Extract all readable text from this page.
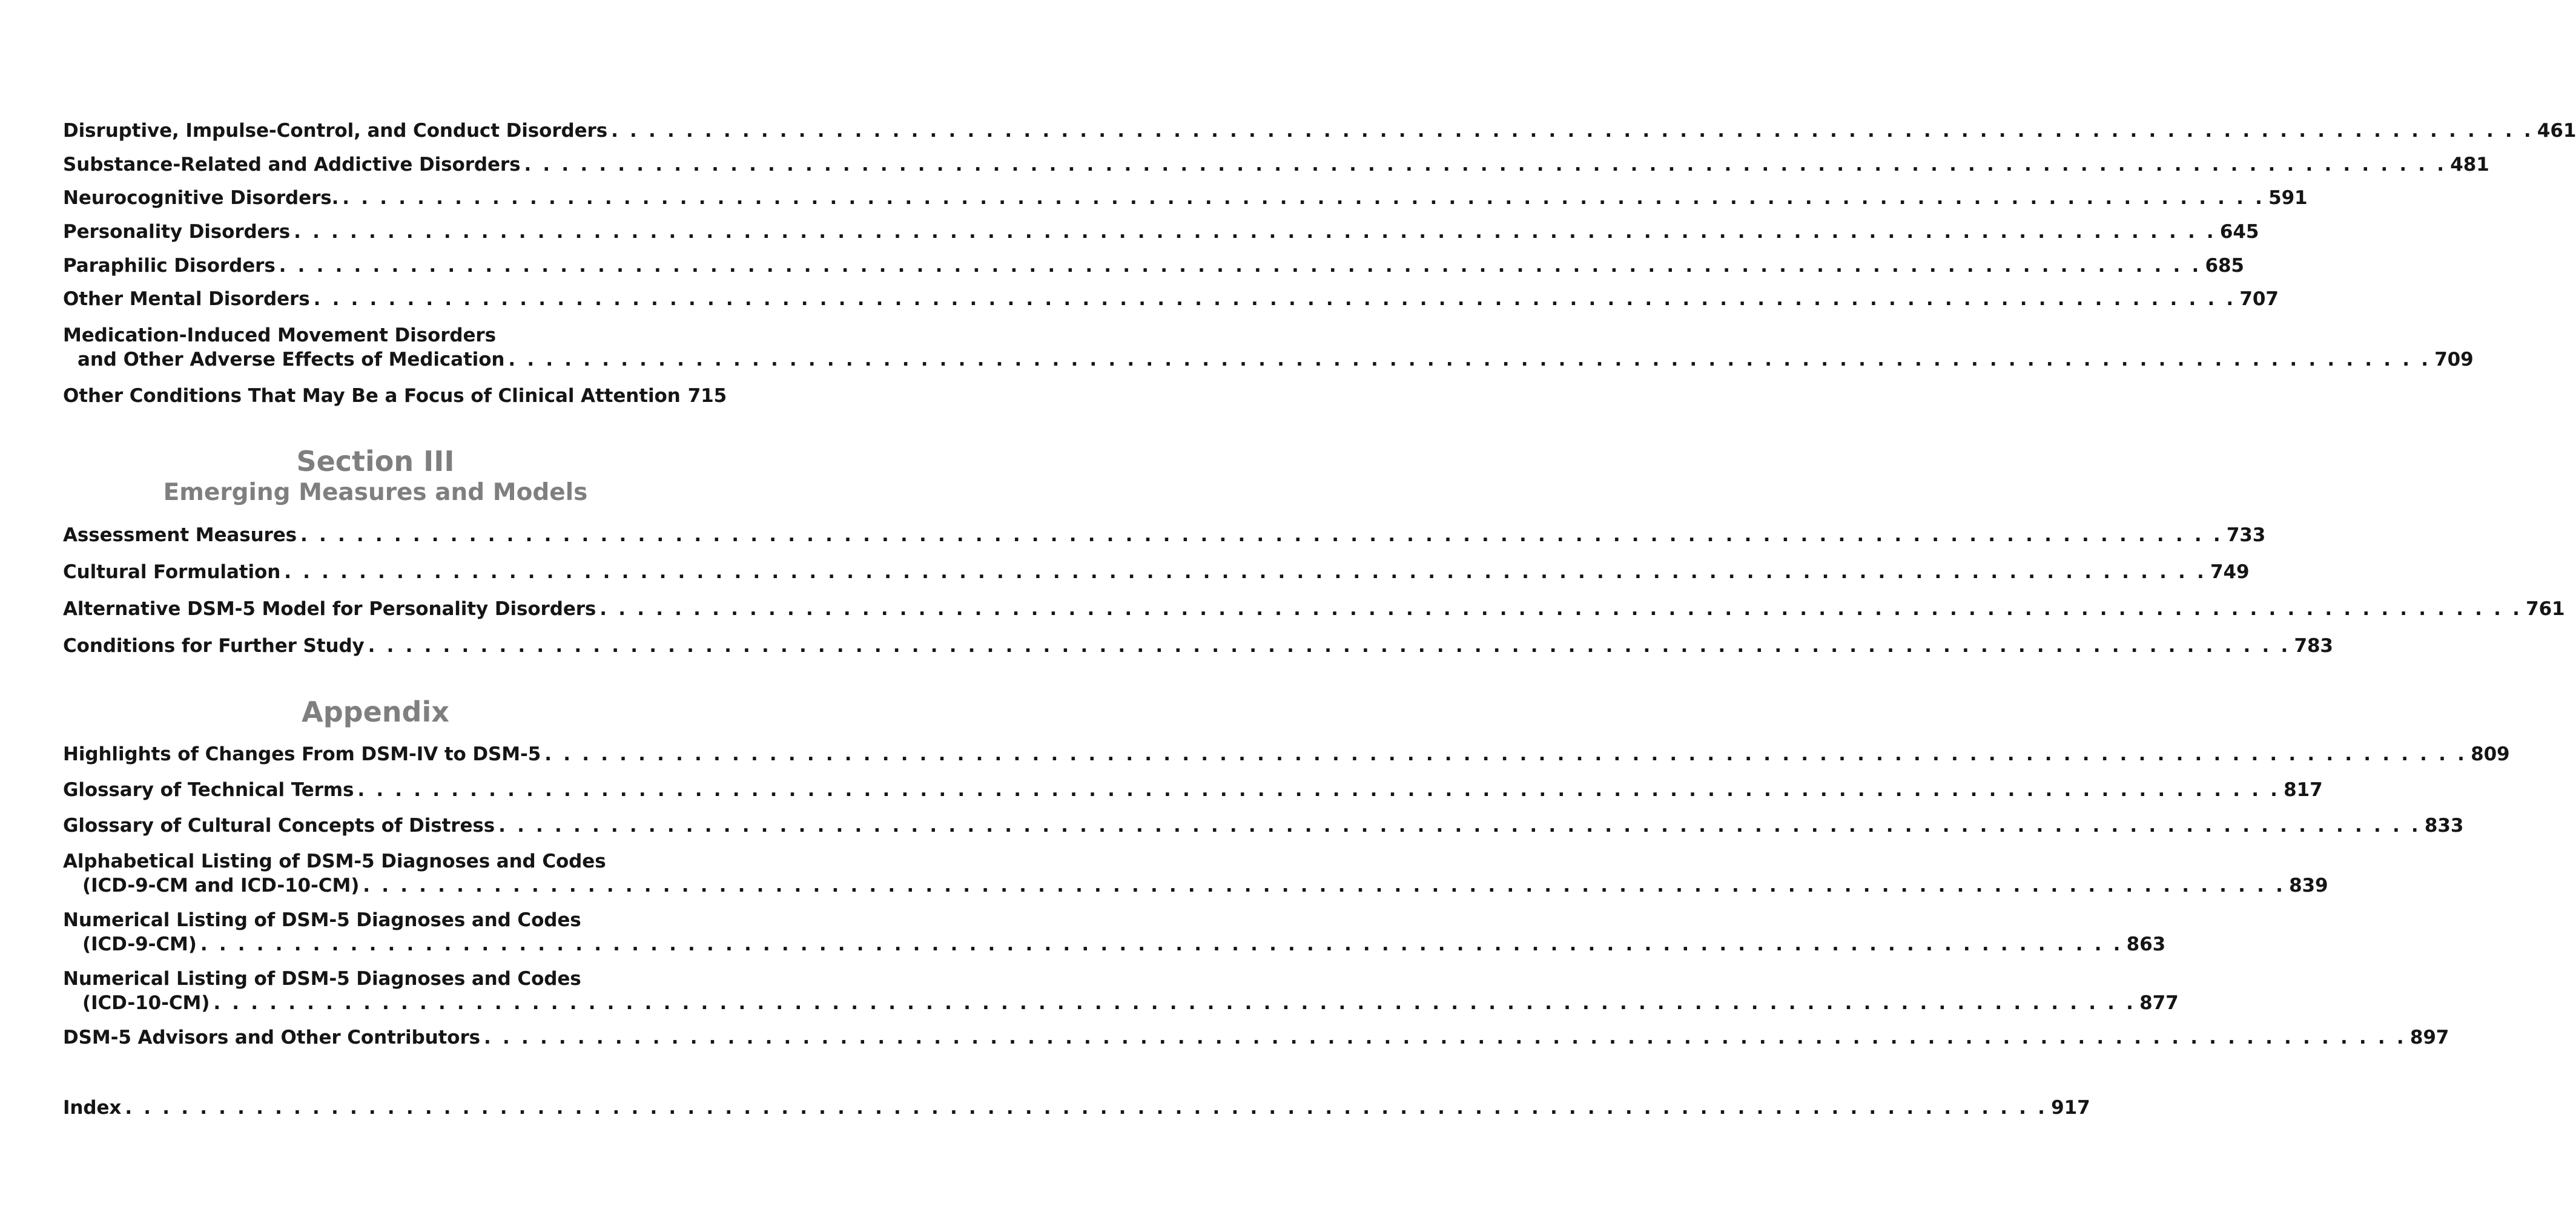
Disruptive, Impulse-Control, and Conduct Disorders . . . . . . . . . . . . . . . . . . . . . . . . . . . . . . . . . . . . . . . . . . . . . . . . . . . . . . . . . . . . . . . . . . . . . . . . . . . . . . . . . . . . . . . . . . . . . . . . . . . . . . . 461
Substance-Related and Addictive Disorders . . . . . . . . . . . . . . . . . . . . . . . . . . . . . . . . . . . . . . . . . . . . . . . . . . . . . . . . . . . . . . . . . . . . . . . . . . . . . . . . . . . . . . . . . . . . . . . . . . . . . . . 481
Neurocognitive Disorders. . . . . . . . . . . . . . . . . . . . . . . . . . . . . . . . . . . . . . . . . . . . . . . . . . . . . . . . . . . . . . . . . . . . . . . . . . . . . . . . . . . . . . . . . . . . . . . . . . . . . . . . 591
Personality Disorders . . . . . . . . . . . . . . . . . . . . . . . . . . . . . . . . . . . . . . . . . . . . . . . . . . . . . . . . . . . . . . . . . . . . . . . . . . . . . . . . . . . . . . . . . . . . . . . . . . . . . . . 645
Paraphilic Disorders . . . . . . . . . . . . . . . . . . . . . . . . . . . . . . . . . . . . . . . . . . . . . . . . . . . . . . . . . . . . . . . . . . . . . . . . . . . . . . . . . . . . . . . . . . . . . . . . . . . . . . . 685
Other Mental Disorders . . . . . . . . . . . . . . . . . . . . . . . . . . . . . . . . . . . . . . . . . . . . . . . . . . . . . . . . . . . . . . . . . . . . . . . . . . . . . . . . . . . . . . . . . . . . . . . . . . . . . . . 707
Medication-Induced Movement Disorders
and Other Adverse Effects of Medication . . . . . . . . . . . . . . . . . . . . . . . . . . . . . . . . . . . . . . . . . . . . . . . . . . . . . . . . . . . . . . . . . . . . . . . . . . . . . . . . . . . . . . . . . . . . . . . . . . . . . . . 709
Other Conditions That May Be a Focus of Clinical Attention 715
Assessment Measures . . . . . . . . . . . . . . . . . . . . . . . . . . . . . . . . . . . . . . . . . . . . . . . . . . . . . . . . . . . . . . . . . . . . . . . . . . . . . . . . . . . . . . . . . . . . . . . . . . . . . . . 733
Cultural Formulation . . . . . . . . . . . . . . . . . . . . . . . . . . . . . . . . . . . . . . . . . . . . . . . . . . . . . . . . . . . . . . . . . . . . . . . . . . . . . . . . . . . . . . . . . . . . . . . . . . . . . . . 749
Alternative DSM-5 Model for Personality Disorders . . . . . . . . . . . . . . . . . . . . . . . . . . . . . . . . . . . . . . . . . . . . . . . . . . . . . . . . . . . . . . . . . . . . . . . . . . . . . . . . . . . . . . . . . . . . . . . . . . . . . . . 761
Conditions for Further Study . . . . . . . . . . . . . . . . . . . . . . . . . . . . . . . . . . . . . . . . . . . . . . . . . . . . . . . . . . . . . . . . . . . . . . . . . . . . . . . . . . . . . . . . . . . . . . . . . . . . . . . 783
Highlights of Changes From DSM-IV to DSM-5 . . . . . . . . . . . . . . . . . . . . . . . . . . . . . . . . . . . . . . . . . . . . . . . . . . . . . . . . . . . . . . . . . . . . . . . . . . . . . . . . . . . . . . . . . . . . . . . . . . . . . . . 809
Glossary of Technical Terms . . . . . . . . . . . . . . . . . . . . . . . . . . . . . . . . . . . . . . . . . . . . . . . . . . . . . . . . . . . . . . . . . . . . . . . . . . . . . . . . . . . . . . . . . . . . . . . . . . . . . . . 817
Glossary of Cultural Concepts of Distress . . . . . . . . . . . . . . . . . . . . . . . . . . . . . . . . . . . . . . . . . . . . . . . . . . . . . . . . . . . . . . . . . . . . . . . . . . . . . . . . . . . . . . . . . . . . . . . . . . . . . . . 833
Alphabetical Listing of DSM-5 Diagnoses and Codes
(ICD-9-CM and ICD-10-CM) . . . . . . . . . . . . . . . . . . . . . . . . . . . . . . . . . . . . . . . . . . . . . . . . . . . . . . . . . . . . . . . . . . . . . . . . . . . . . . . . . . . . . . . . . . . . . . . . . . . . . . . 839
Numerical Listing of DSM-5 Diagnoses and Codes
(ICD-9-CM) . . . . . . . . . . . . . . . . . . . . . . . . . . . . . . . . . . . . . . . . . . . . . . . . . . . . . . . . . . . . . . . . . . . . . . . . . . . . . . . . . . . . . . . . . . . . . . . . . . . . . . . 863
Numerical Listing of DSM-5 Diagnoses and Codes
(ICD-10-CM) . . . . . . . . . . . . . . . . . . . . . . . . . . . . . . . . . . . . . . . . . . . . . . . . . . . . . . . . . . . . . . . . . . . . . . . . . . . . . . . . . . . . . . . . . . . . . . . . . . . . . . . 877
DSM-5 Advisors and Other Contributors . . . . . . . . . . . . . . . . . . . . . . . . . . . . . . . . . . . . . . . . . . . . . . . . . . . . . . . . . . . . . . . . . . . . . . . . . . . . . . . . . . . . . . . . . . . . . . . . . . . . . . . 897
Index . . . . . . . . . . . . . . . . . . . . . . . . . . . . . . . . . . . . . . . . . . . . . . . . . . . . . . . . . . . . . . . . . . . . . . . . . . . . . . . . . . . . . . . . . . . . . . . . . . . . . . . 917
Section III
Emerging Measures and Models
Appendix
